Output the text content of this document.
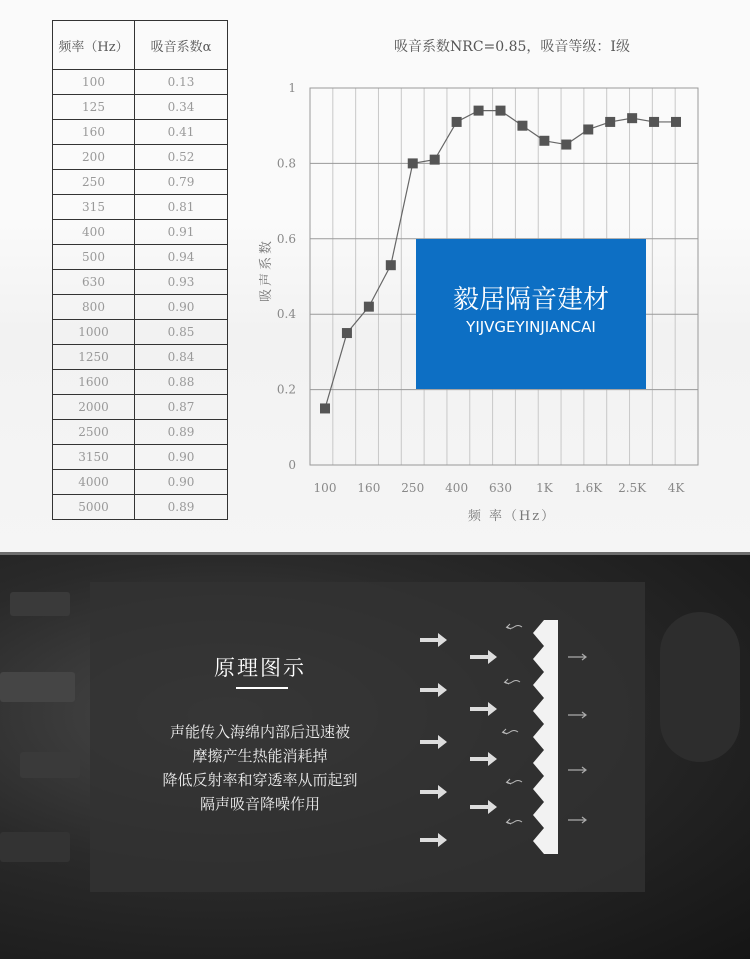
频率（Hz）	吸音系数α
100	0.13
125	0.34
160	0.41
200	0.52
250	0.79
315	0.81
400	0.91
500	0.94
630	0.93
800	0.90
1000	0.85
1250	0.84
1600	0.88
2000	0.87
2500	0.89
3150	0.90
4000	0.90
5000	0.89
吸音系数NRC=0.85，吸音等级：I级
毅居隔音建材
YIJVGEYINJIANCAI
0
0.2
0.4
0.6
0.8
1
100 160 250 400 630 1K 1.6K 2.5K 4K
吸声系数
频 率（Hz）
原理图示
声能传入海绵内部后迅速被
摩擦产生热能消耗掉
降低反射率和穿透率从而起到
隔声吸音降噪作用
